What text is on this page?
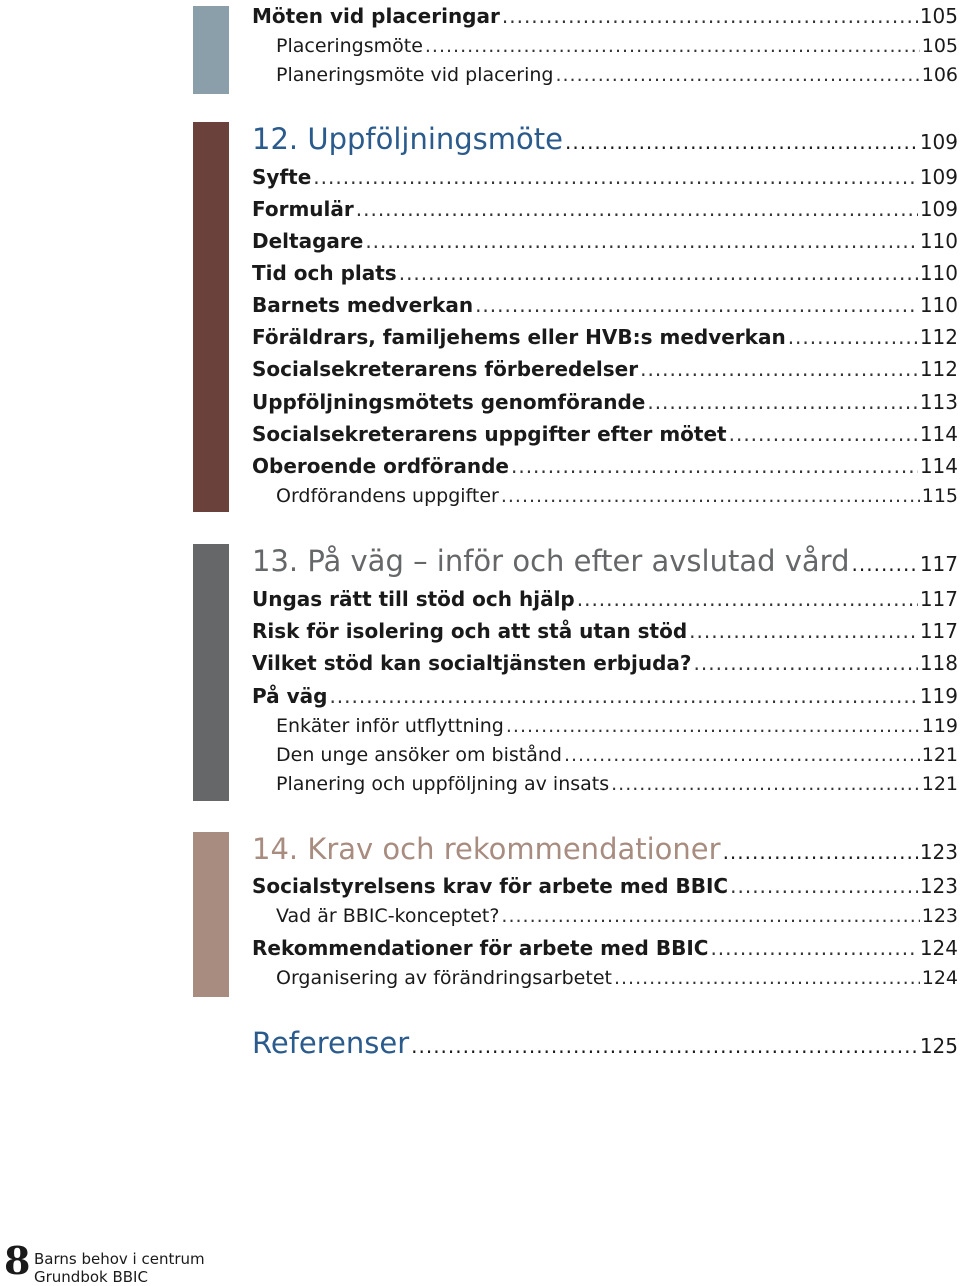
Möten vid placeringar .....	105
Placeringsmöte .....	105
Planeringsmöte vid placering .....	106
12. Uppföljningsmöte .....	109
Syfte .....	109
Formulär .....	109
Deltagare .....	110
Tid och plats .....	110
Barnets medverkan .....	110
Föräldrars, familjehems eller HVB:s medverkan .....	112
Socialsekreterarens förberedelser .....	112
Uppföljningsmötets genomförande .....	113
Socialsekreterarens uppgifter efter mötet .....	114
Oberoende ordförande .....	114
Ordförandens uppgifter .....	115
13. På väg – inför och efter avslutad vård .....	117
Ungas rätt till stöd och hjälp .....	117
Risk för isolering och att stå utan stöd .....	117
Vilket stöd kan socialtjänsten erbjuda? .....	118
På väg .....	119
Enkäter inför utflyttning .....	119
Den unge ansöker om bistånd .....	121
Planering och uppföljning av insats .....	121
14. Krav och rekommendationer .....	123
Socialstyrelsens krav för arbete med BBIC .....	123
Vad är BBIC-konceptet? .....	123
Rekommendationer för arbete med BBIC .....	124
Organisering av förändringsarbetet .....	124
Referenser .....	125
8 Barns behov i centrum
Grundbok BBIC
